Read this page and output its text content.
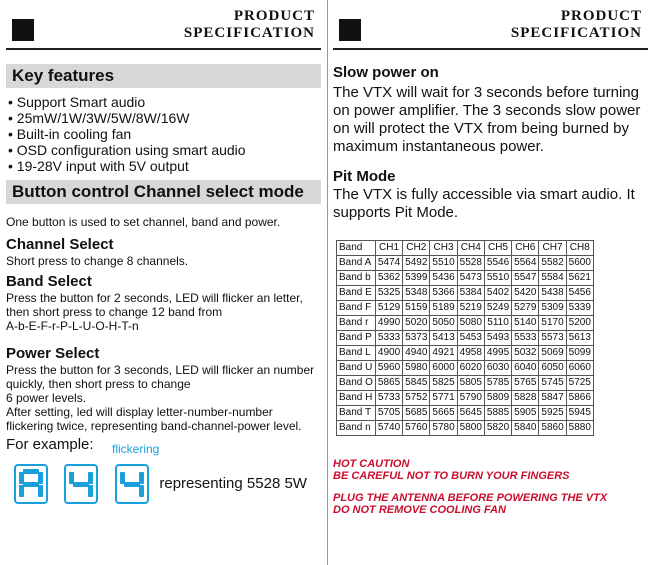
PRODUCT
SPECIFICATION
Key features
• Support Smart audio
• 25mW/1W/3W/5W/8W/16W
• Built-in cooling fan
• OSD configuration using smart audio
• 19-28V input with 5V output
Button control Channel select mode
One button is used to set channel, band and power.
Channel Select
Short press to change 8 channels.
Band Select
Press the button for 2 seconds, LED will flicker an letter, then short press to change 12 band from
A-b-E-F-r-P-L-U-O-H-T-n
Power Select
Press the button for 3 seconds, LED will flicker an number quickly, then short press to change
6 power levels.
After setting, led will display letter-number-number flickering twice, representing band-channel-power level.
For example: flickering

representing 5528 5W
PRODUCT
SPECIFICATION
Slow power on
The VTX will wait for 3 seconds before turning on power amplifier. The 3 seconds slow power on will protect the VTX from being burned by maximum instantaneous power.
Pit Mode
The VTX is fully accessible via smart audio. It supports Pit Mode.
Band	CH1	CH2	CH3	CH4	CH5	CH6	CH7	CH8
Band A	5474	5492	5510	5528	5546	5564	5582	5600
Band b	5362	5399	5436	5473	5510	5547	5584	5621
Band E	5325	5348	5366	5384	5402	5420	5438	5456
Band F	5129	5159	5189	5219	5249	5279	5309	5339
Band r	4990	5020	5050	5080	5110	5140	5170	5200
Band P	5333	5373	5413	5453	5493	5533	5573	5613
Band L	4900	4940	4921	4958	4995	5032	5069	5099
Band U	5960	5980	6000	6020	6030	6040	6050	6060
Band O	5865	5845	5825	5805	5785	5765	5745	5725
Band H	5733	5752	5771	5790	5809	5828	5847	5866
Band T	5705	5685	5665	5645	5885	5905	5925	5945
Band n	5740	5760	5780	5800	5820	5840	5860	5880
HOT CAUTION
BE CAREFUL NOT TO BURN YOUR FINGERS
PLUG THE ANTENNA BEFORE POWERING THE VTX
DO NOT REMOVE COOLING FAN
